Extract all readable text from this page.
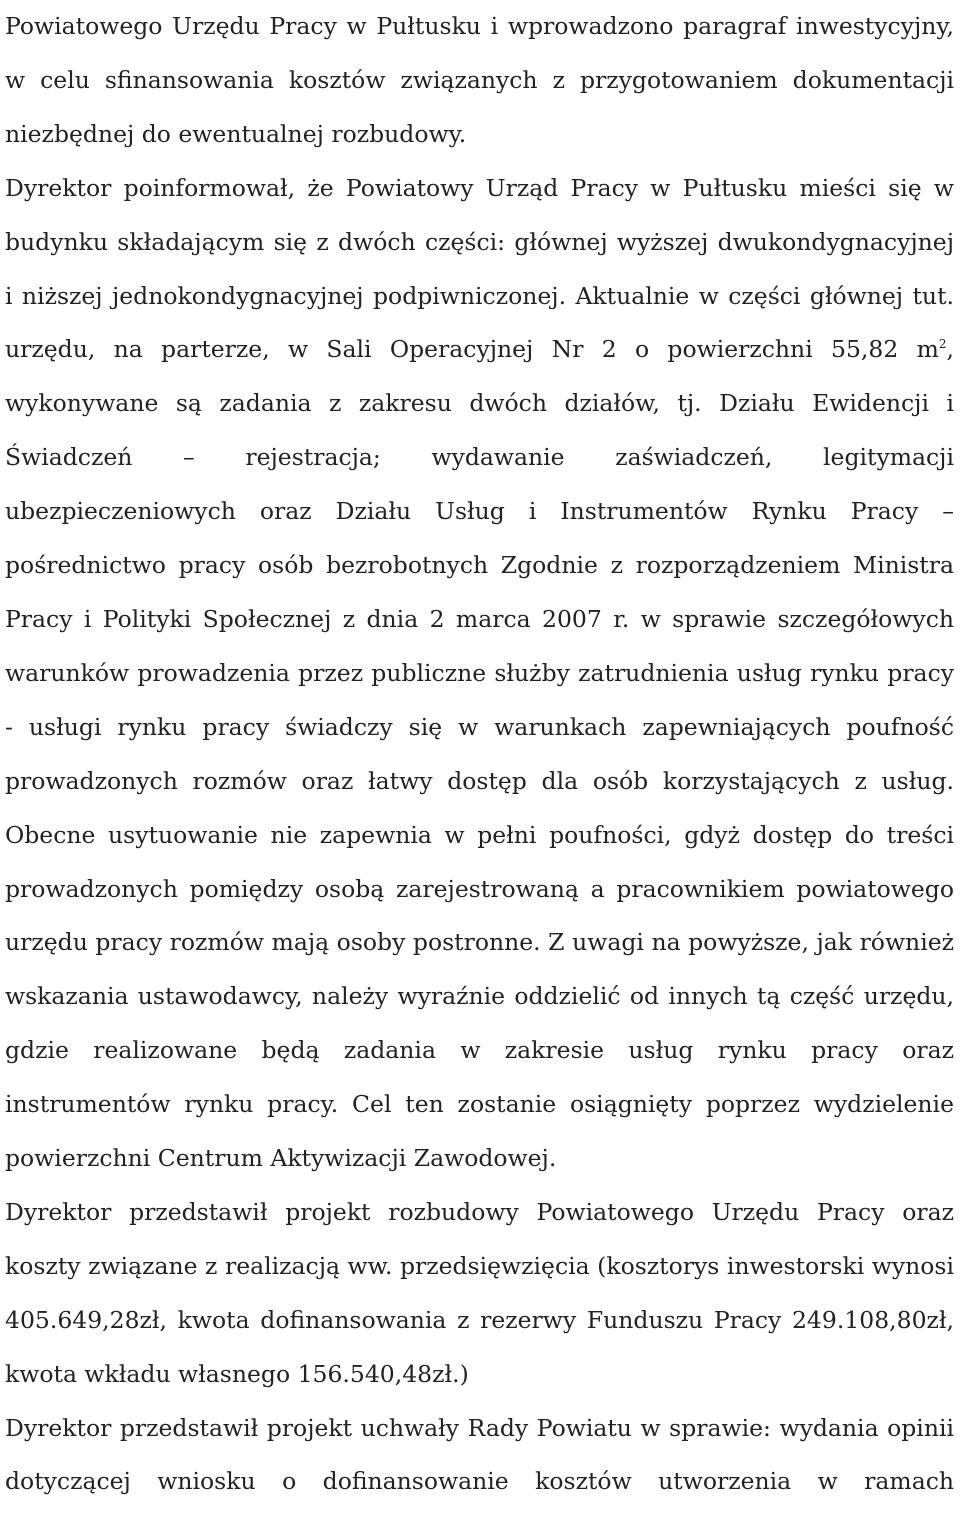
Powiatowego Urzędu Pracy w Pułtusku i wprowadzono paragraf inwestycyjny, w celu sfinansowania kosztów związanych z przygotowaniem dokumentacji niezbędnej do ewentualnej rozbudowy.

Dyrektor poinformował, że Powiatowy Urząd Pracy w Pułtusku mieści się w budynku składającym się z dwóch części: głównej wyższej dwukondygnacyjnej i niższej jednokondygnacyjnej podpiwniczonej. Aktualnie w części głównej tut. urzędu, na parterze, w Sali Operacyjnej Nr 2 o powierzchni 55,82 $m^2$, wykonywane są zadania z zakresu dwóch działów, tj. Działu Ewidencji i Świadczeń – rejestracja; wydawanie zaświadczeń, legitymacji ubezpieczeniowych oraz Działu Usług i Instrumentów Rynku Pracy – pośrednictwo pracy osób bezrobotnych Zgodnie z rozporządzeniem Ministra Pracy i Polityki Społecznej z dnia 2 marca 2007 r. w sprawie szczegółowych warunków prowadzenia przez publiczne służby zatrudnienia usług rynku pracy - usługi rynku pracy świadczy się w warunkach zapewniających poufność prowadzonych rozmów oraz łatwy dostęp dla osób korzystających z usług. Obecne usytuowanie nie zapewnia w pełni poufności, gdyż dostęp do treści prowadzonych pomiędzy osobą zarejestrowaną a pracownikiem powiatowego urzędu pracy rozmów mają osoby postronne. Z uwagi na powyższe, jak również wskazania ustawodawcy, należy wyraźnie oddzielić od innych tą część urzędu, gdzie realizowane będą zadania w zakresie usług rynku pracy oraz instrumentów rynku pracy. Cel ten zostanie osiągnięty poprzez wydzielenie powierzchni Centrum Aktywizacji Zawodowej.

Dyrektor przedstawił projekt rozbudowy Powiatowego Urzędu Pracy oraz koszty związane z realizacją ww. przedsięwzięcia (kosztorys inwestorski wynosi 405.649,28zł, kwota dofinansowania z rezerwy Funduszu Pracy 249.108,80zł, kwota wkładu własnego 156.540,48zł.)

Dyrektor przedstawił projekt uchwały Rady Powiatu w sprawie: wydania opinii dotyczącej wniosku o dofinansowanie kosztów utworzenia w ramach
